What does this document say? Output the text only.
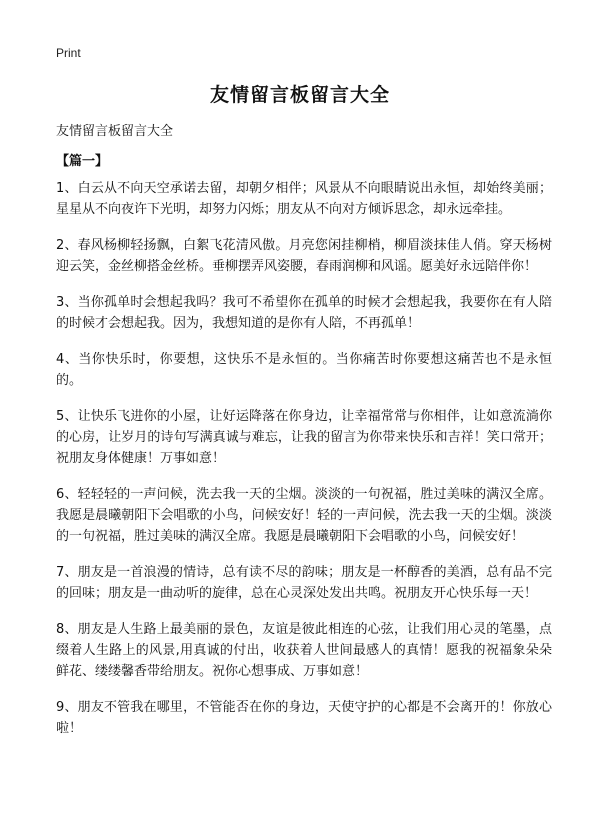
Print
友情留言板留言大全
友情留言板留言大全
【篇一】

1、白云从不向天空承诺去留，却朝夕相伴；风景从不向眼睛说出永恒，却始终美丽；星星从不向夜许下光明，却努力闪烁；朋友从不向对方倾诉思念，却永远牵挂。

2、春风杨柳轻扬飘，白絮飞花清风傲。月亮您闲挂柳梢，柳眉淡抹佳人俏。穿天杨树迎云笑，金丝柳搭金丝桥。垂柳摆弄风姿腰，春雨润柳和风谣。愿美好永远陪伴你！

3、当你孤单时会想起我吗？我可不希望你在孤单的时候才会想起我，我要你在有人陪的时候才会想起我。因为，我想知道的是你有人陪，不再孤单！

4、当你快乐时，你要想，这快乐不是永恒的。当你痛苦时你要想这痛苦也不是永恒的。

5、让快乐飞进你的小屋，让好运降落在你身边，让幸福常常与你相伴，让如意流淌你的心房，让岁月的诗句写满真诚与难忘，让我的留言为你带来快乐和吉祥！笑口常开；祝朋友身体健康！万事如意！

6、轻轻轻的一声问候，洗去我一天的尘烟。淡淡的一句祝福，胜过美味的满汉全席。我愿是晨曦朝阳下会唱歌的小鸟，问候安好！轻的一声问候，洗去我一天的尘烟。淡淡的一句祝福，胜过美味的满汉全席。我愿是晨曦朝阳下会唱歌的小鸟，问候安好！

7、朋友是一首浪漫的情诗，总有读不尽的韵味；朋友是一杯醇香的美酒，总有品不完的回味；朋友是一曲动听的旋律，总在心灵深处发出共鸣。祝朋友开心快乐每一天！

8、朋友是人生路上最美丽的景色，友谊是彼此相连的心弦，让我们用心灵的笔墨，点缀着人生路上的风景,用真诚的付出，收获着人世间最感人的真情！愿我的祝福象朵朵鲜花、缕缕馨香带给朋友。祝你心想事成、万事如意！

9、朋友不管我在哪里，不管能否在你的身边，天使守护的心都是不会离开的！你放心啦！
